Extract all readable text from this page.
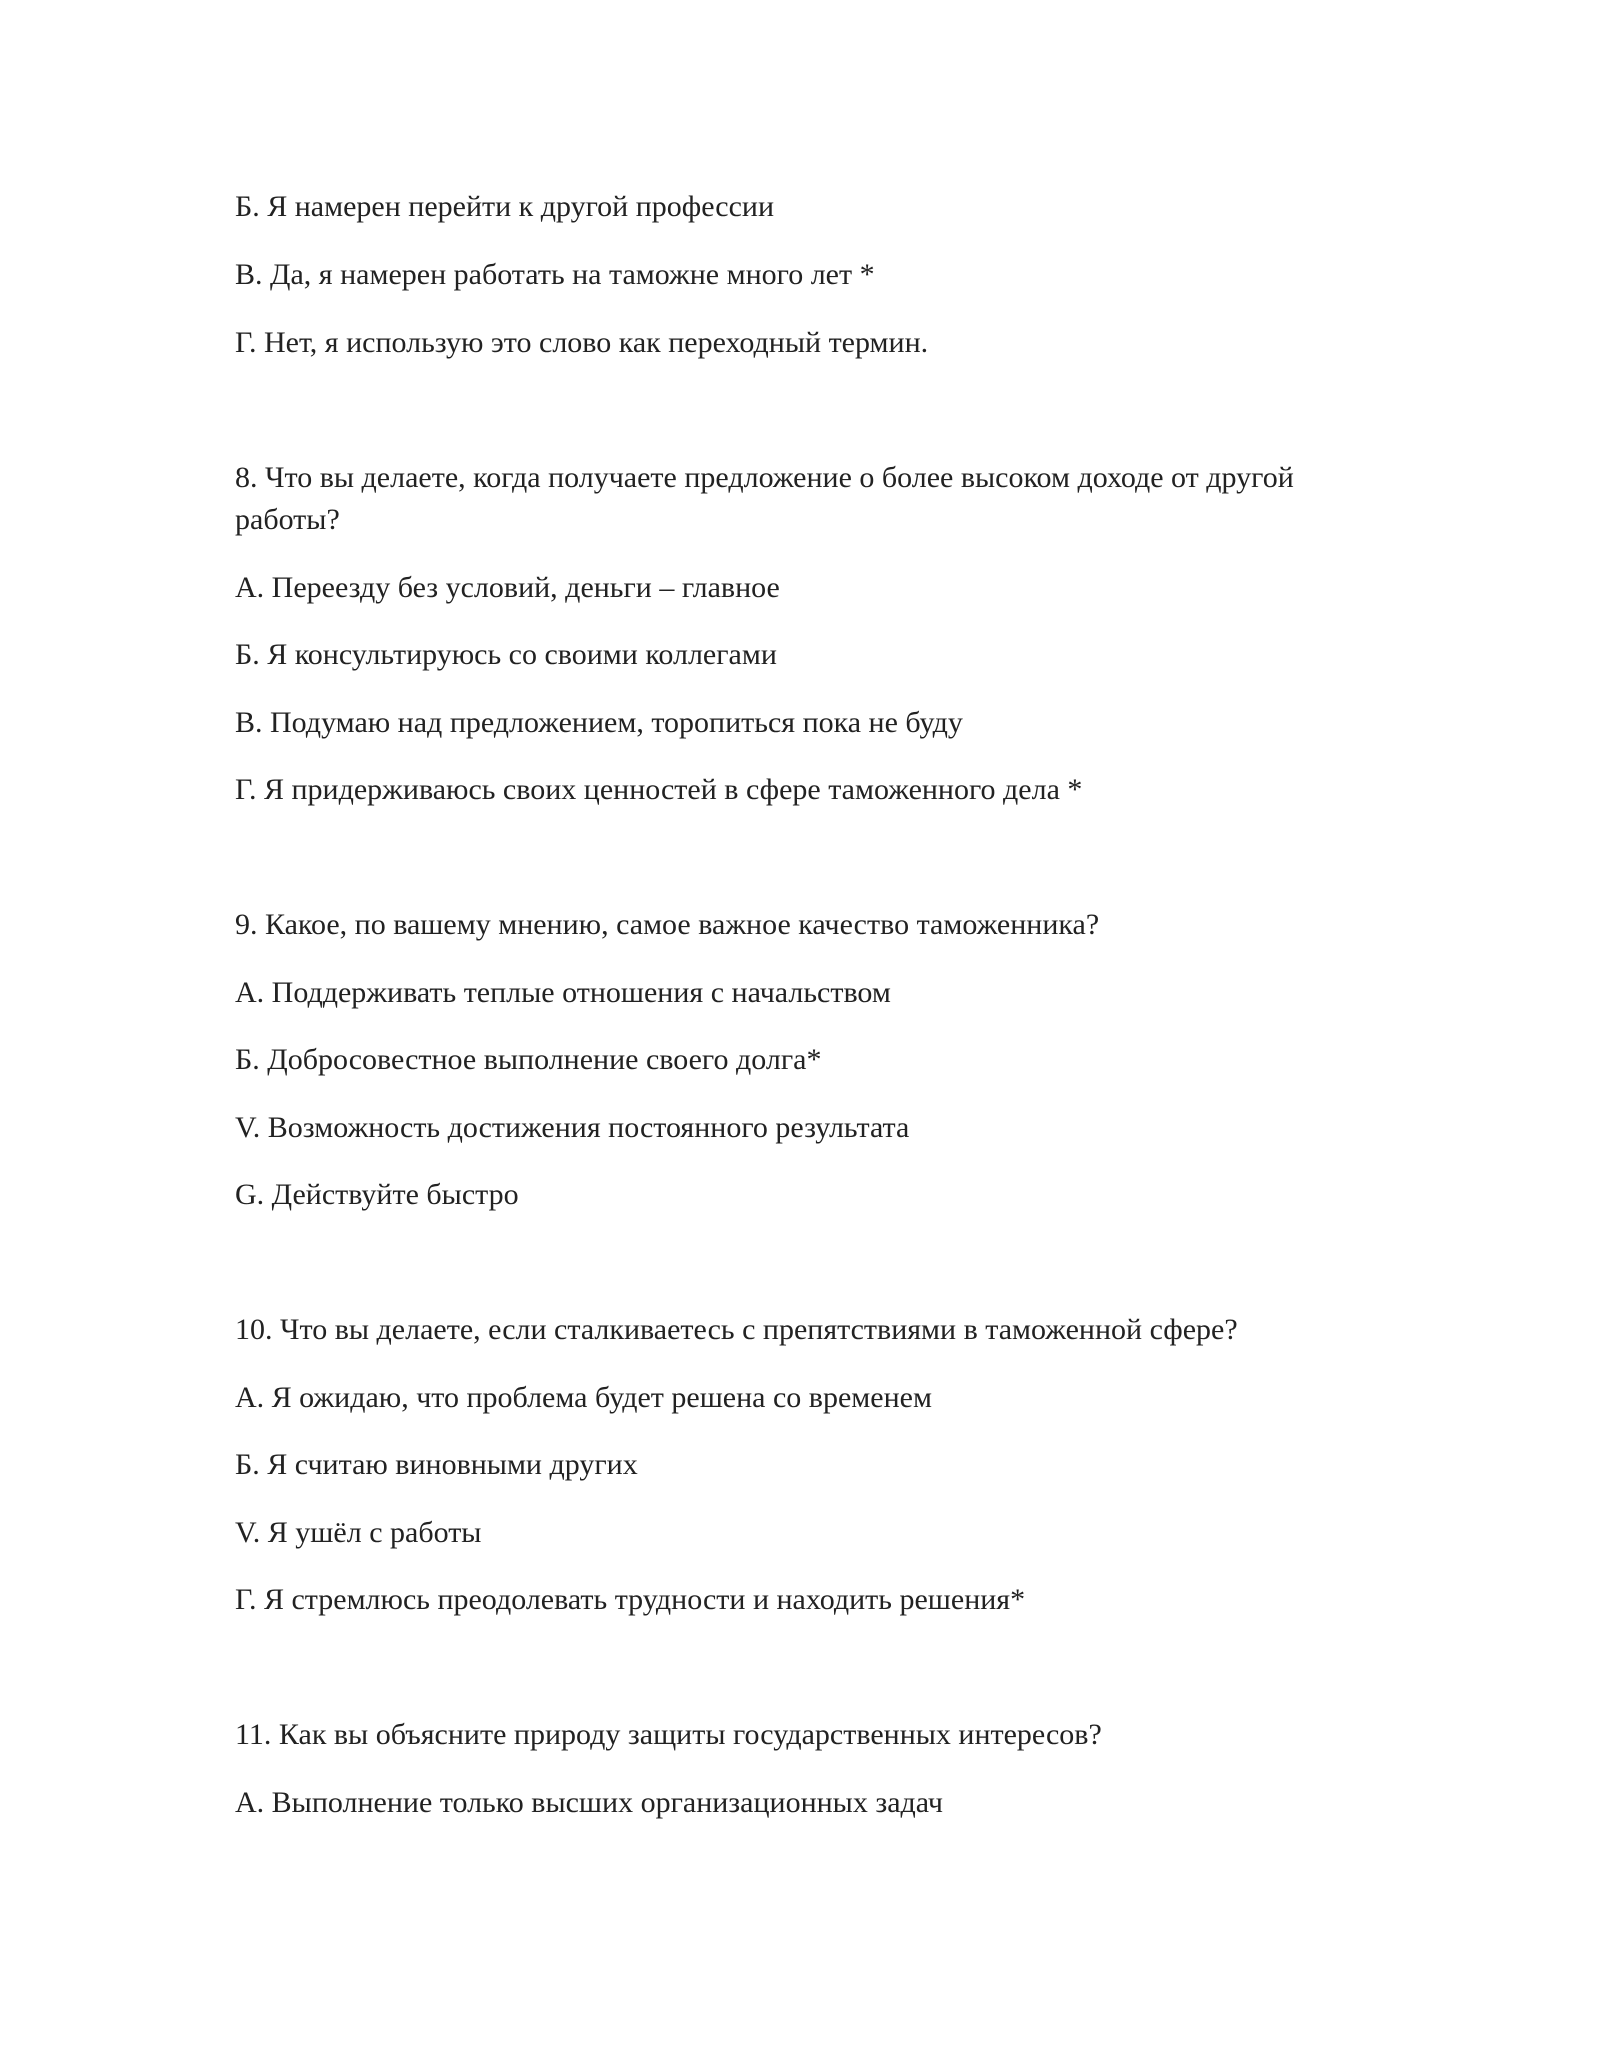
Б. Я намерен перейти к другой профессии
В. Да, я намерен работать на таможне много лет *
Г. Нет, я использую это слово как переходный термин.
8. Что вы делаете, когда получаете предложение о более высоком доходе от другой
работы?
А. Переезду без условий, деньги – главное
Б. Я консультируюсь со своими коллегами
В. Подумаю над предложением, торопиться пока не буду
Г. Я придерживаюсь своих ценностей в сфере таможенного дела *
9. Какое, по вашему мнению, самое важное качество таможенника?
А. Поддерживать теплые отношения с начальством
Б. Добросовестное выполнение своего долга*
V. Возможность достижения постоянного результата
G. Действуйте быстро
10. Что вы делаете, если сталкиваетесь с препятствиями в таможенной сфере?
А. Я ожидаю, что проблема будет решена со временем
Б. Я считаю виновными других
V. Я ушёл с работы
Г. Я стремлюсь преодолевать трудности и находить решения*
11. Как вы объясните природу защиты государственных интересов?
А. Выполнение только высших организационных задач
